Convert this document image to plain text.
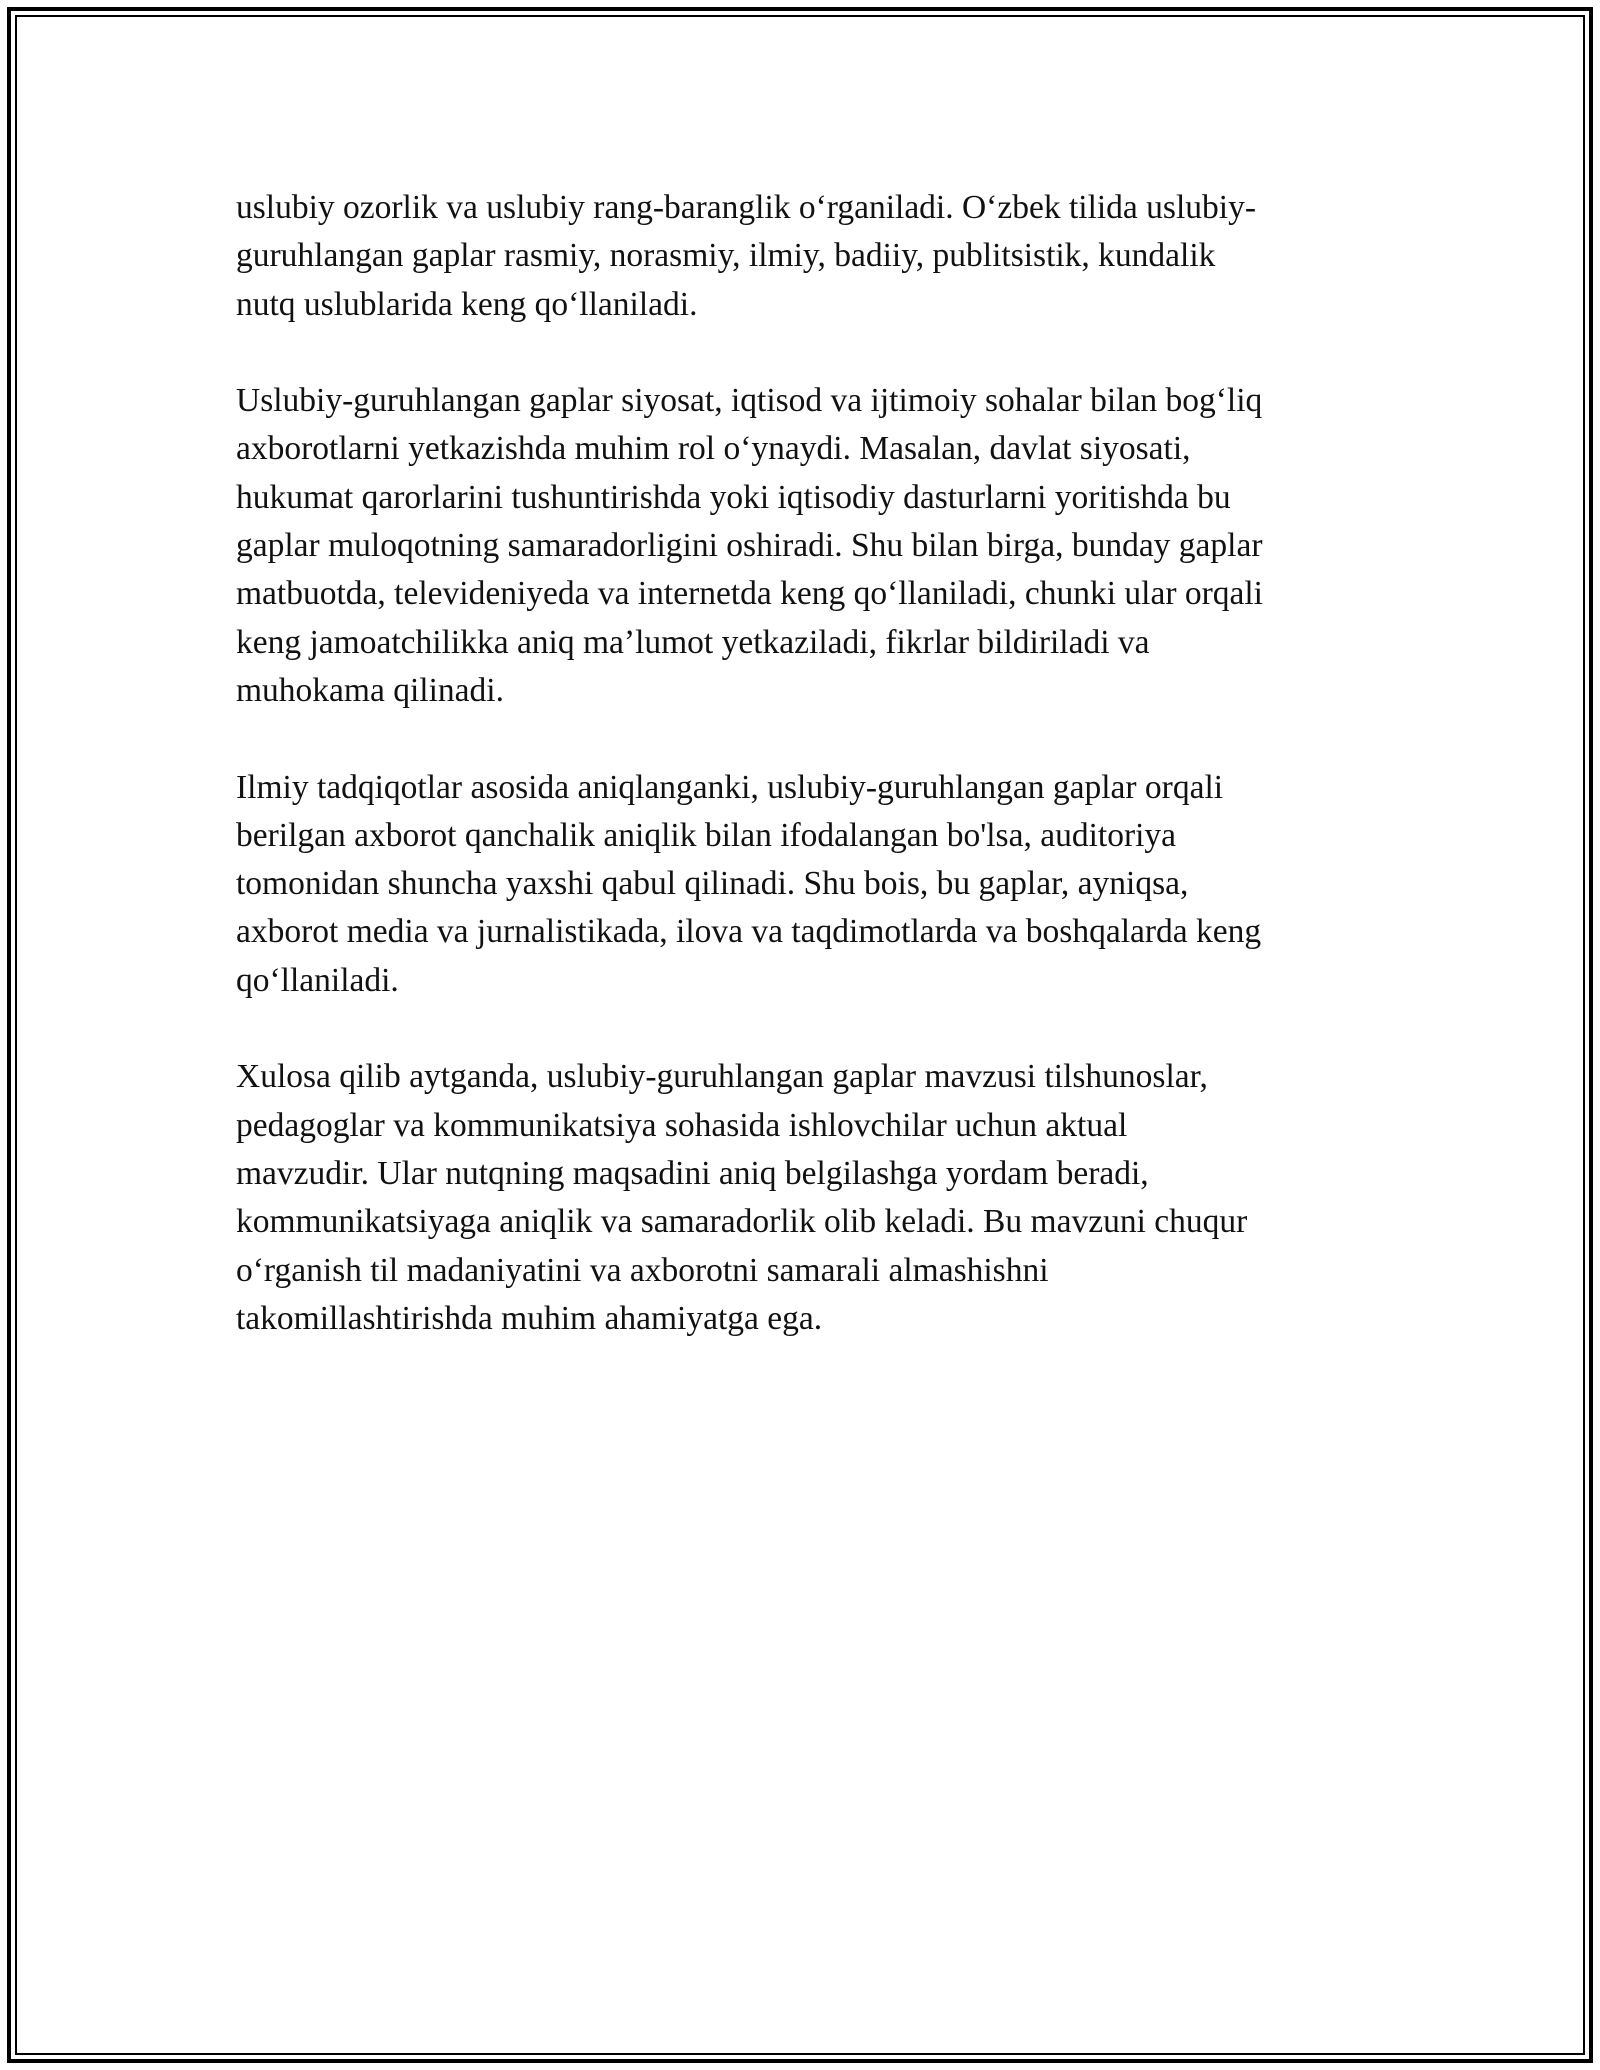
uslubiy ozorlik va uslubiy rang-baranglik oʻrganiladi. Oʻzbek tilida uslubiy-
guruhlangan gaplar rasmiy, norasmiy, ilmiy, badiiy, publitsistik, kundalik
nutq uslublarida keng qoʻllaniladi.

Uslubiy-guruhlangan gaplar siyosat, iqtisod va ijtimoiy sohalar bilan bogʻliq
axborotlarni yetkazishda muhim rol oʻynaydi. Masalan, davlat siyosati,
hukumat qarorlarini tushuntirishda yoki iqtisodiy dasturlarni yoritishda bu
gaplar muloqotning samaradorligini oshiradi. Shu bilan birga, bunday gaplar
matbuotda, televideniyeda va internetda keng qoʻllaniladi, chunki ular orqali
keng jamoatchilikka aniq maʼlumot yetkaziladi, fikrlar bildiriladi va
muhokama qilinadi.

Ilmiy tadqiqotlar asosida aniqlanganki, uslubiy-guruhlangan gaplar orqali
berilgan axborot qanchalik aniqlik bilan ifodalangan bo'lsa, auditoriya
tomonidan shuncha yaxshi qabul qilinadi. Shu bois, bu gaplar, ayniqsa,
axborot media va jurnalistikada, ilova va taqdimotlarda va boshqalarda keng
qoʻllaniladi.

Xulosa qilib aytganda, uslubiy-guruhlangan gaplar mavzusi tilshunoslar,
pedagoglar va kommunikatsiya sohasida ishlovchilar uchun aktual
mavzudir. Ular nutqning maqsadini aniq belgilashga yordam beradi,
kommunikatsiyaga aniqlik va samaradorlik olib keladi. Bu mavzuni chuqur
oʻrganish til madaniyatini va axborotni samarali almashishni
takomillashtirishda muhim ahamiyatga ega.
